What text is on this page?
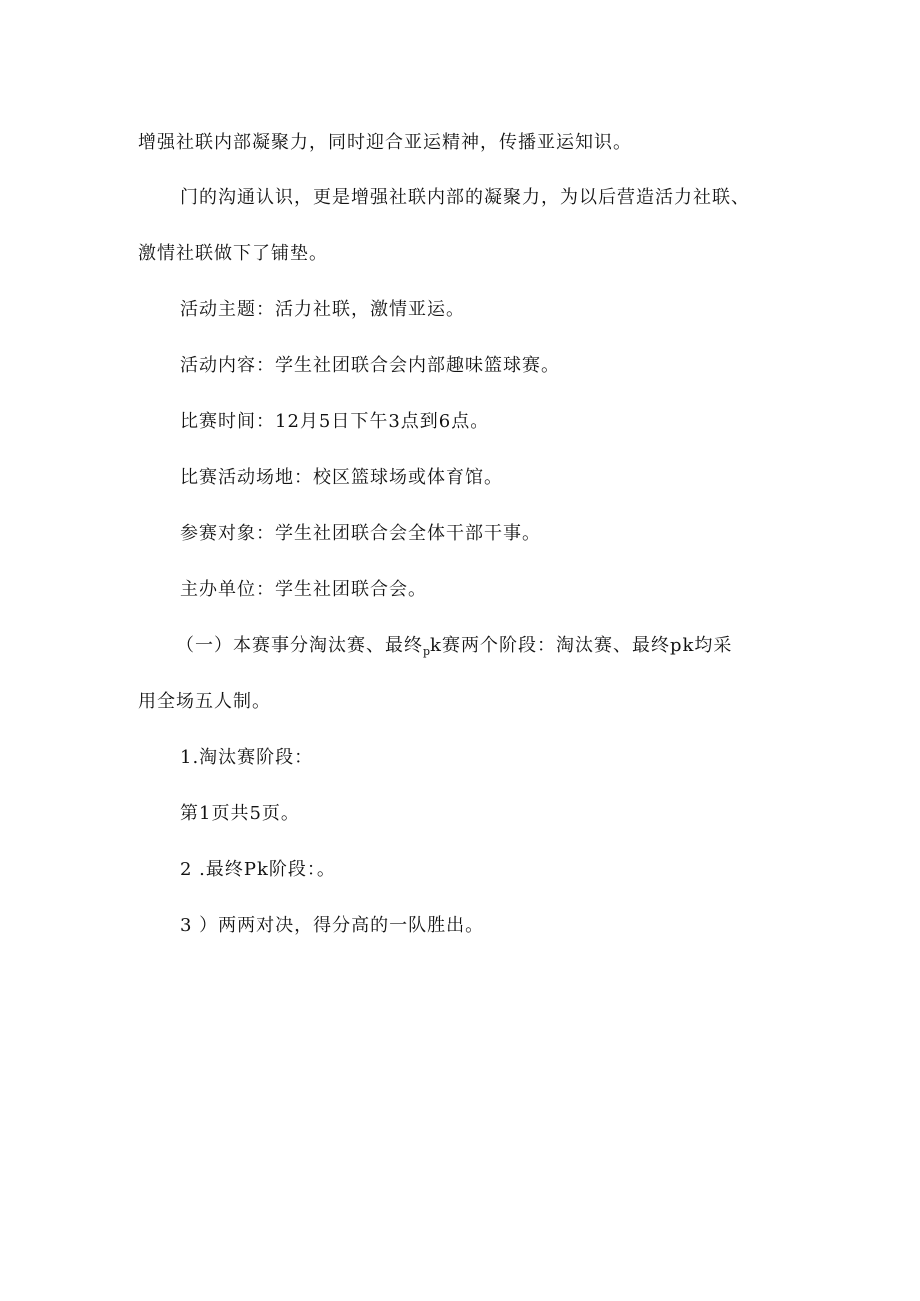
增强社联内部凝聚力，同时迎合亚运精神，传播亚运知识。
门的沟通认识，更是增强社联内部的凝聚力，为以后营造活力社联、
激情社联做下了铺垫。
活动主题：活力社联，激情亚运。
活动内容：学生社团联合会内部趣味篮球赛。
比赛时间：12月5日下午3点到6点。
比赛活动场地：校区篮球场或体育馆。
参赛对象：学生社团联合会全体干部干事。
主办单位：学生社团联合会。
（一）本赛事分淘汰赛、最终$_p$k赛两个阶段：淘汰赛、最终pk均采
用全场五人制。
1.淘汰赛阶段：
第1页共5页。
2 .最终Pk阶段：。
3 ）两两对决，得分高的一队胜出。
